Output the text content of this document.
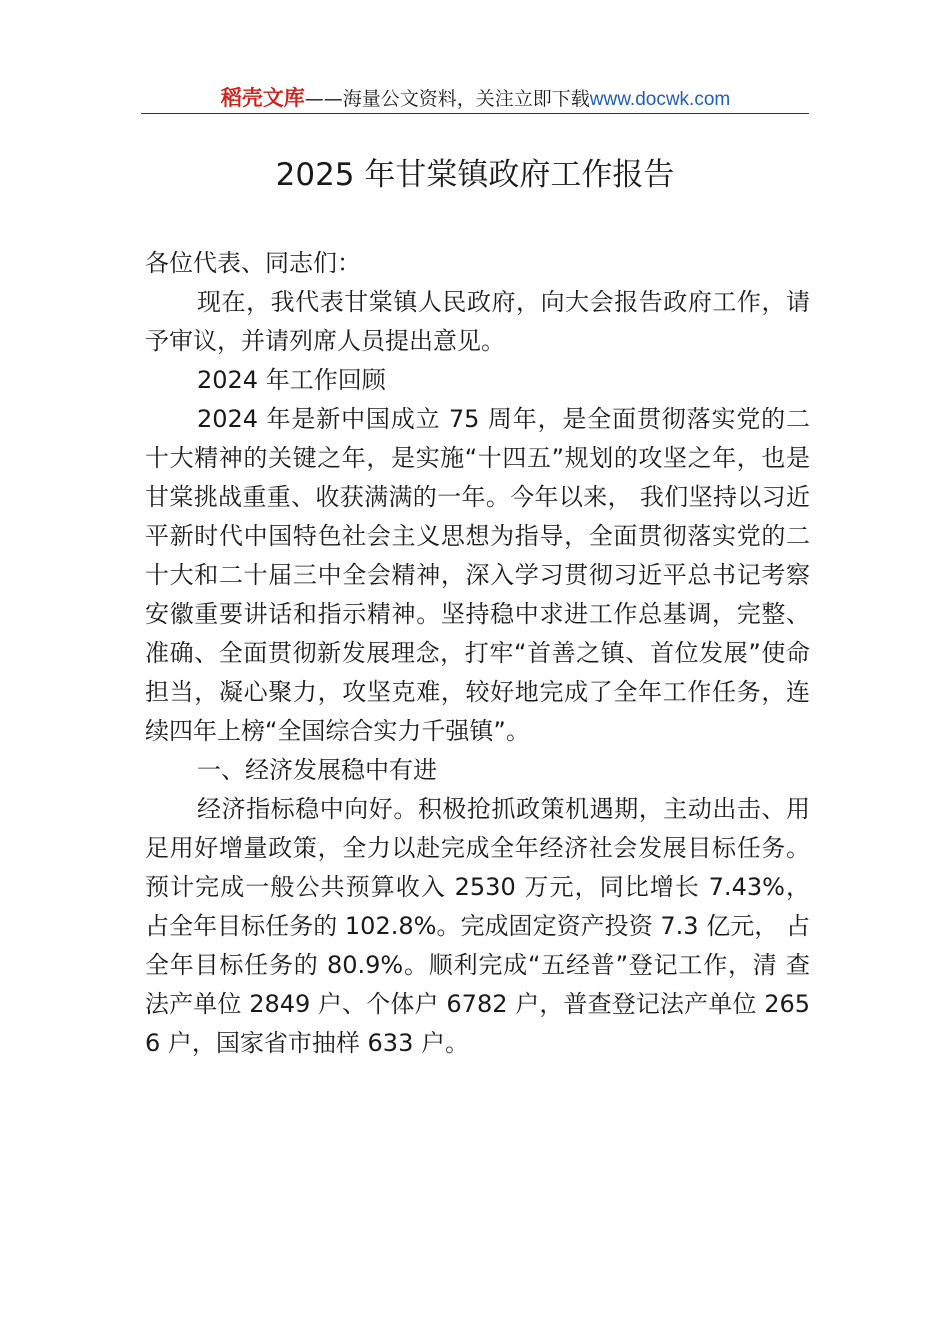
稻壳文库——海量公文资料，关注立即下载www.docwk.com
2025 年甘棠镇政府工作报告

各位代表、同志们：

现在，我代表甘棠镇人民政府，向大会报告政府工作，请予审议，并请列席人员提出意见。

2024 年工作回顾

2024 年是新中国成立 75 周年，是全面贯彻落实党的二十大精神的关键之年，是实施“十四五”规划的攻坚之年，也是甘棠挑战重重、收获满满的一年。今年以来， 我们坚持以习近平新时代中国特色社会主义思想为指导，全面贯彻落实党的二十大和二十届三中全会精神，深入学习贯彻习近平总书记考察安徽重要讲话和指示精神。坚持稳中求进工作总基调，完整、准确、全面贯彻新发展理念，打牢“首善之镇、首位发展”使命担当，凝心聚力，攻坚克难，较好地完成了全年工作任务，连续四年上榜“全国综合实力千强镇”。

一、经济发展稳中有进

经济指标稳中向好。积极抢抓政策机遇期，主动出击、用足用好增量政策，全力以赴完成全年经济社会发展目标任务。预计完成一般公共预算收入 2530 万元，同比增长 7.43%， 占全年目标任务的 102.8%。完成固定资产投资 7.3 亿元， 占 全年目标任务的 80.9%。顺利完成“五经普”登记工作，清 查法产单位 2849 户、个体户 6782 户，普查登记法产单位 2656 户，国家省市抽样 633 户。
